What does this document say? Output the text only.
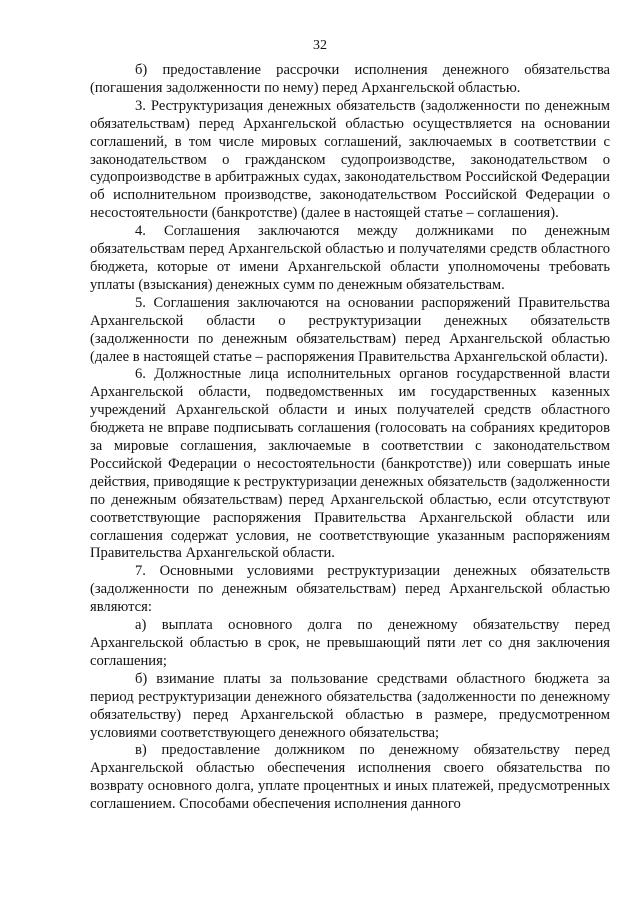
32

б) предоставление рассрочки исполнения денежного обязательства (погашения задолженности по нему) перед Архангельской областью.

3. Реструктуризация денежных обязательств (задолженности по денежным обязательствам) перед Архангельской областью осуществляется на основании соглашений, в том числе мировых соглашений, заключаемых в соответствии с законодательством о гражданском судопроизводстве, законодательством о судопроизводстве в арбитражных судах, законодательством Российской Федерации об исполнительном производстве, законодательством Российской Федерации о несостоятельности (банкротстве) (далее в настоящей статье – соглашения).

4. Соглашения заключаются между должниками по денежным обязательствам перед Архангельской областью и получателями средств областного бюджета, которые от имени Архангельской области уполномочены требовать уплаты (взыскания) денежных сумм по денежным обязательствам.

5. Соглашения заключаются на основании распоряжений Правительства Архангельской области о реструктуризации денежных обязательств (задолженности по денежным обязательствам) перед Архангельской областью (далее в настоящей статье – распоряжения Правительства Архангельской области).

6. Должностные лица исполнительных органов государственной власти Архангельской области, подведомственных им государственных казенных учреждений Архангельской области и иных получателей средств областного бюджета не вправе подписывать соглашения (голосовать на собраниях кредиторов за мировые соглашения, заключаемые в соответствии с законодательством Российской Федерации о несостоятельности (банкротстве)) или совершать иные действия, приводящие к реструктуризации денежных обязательств (задолженности по денежным обязательствам) перед Архангельской областью, если отсутствуют соответствующие распоряжения Правительства Архангельской области или соглашения содержат условия, не соответствующие указанным распоряжениям Правительства Архангельской области.

7. Основными условиями реструктуризации денежных обязательств (задолженности по денежным обязательствам) перед Архангельской областью являются:

а) выплата основного долга по денежному обязательству перед Архангельской областью в срок, не превышающий пяти лет со дня заключения соглашения;

б) взимание платы за пользование средствами областного бюджета за период реструктуризации денежного обязательства (задолженности по денежному обязательству) перед Архангельской областью в размере, предусмотренном условиями соответствующего денежного обязательства;

в) предоставление должником по денежному обязательству перед Архангельской областью обеспечения исполнения своего обязательства по возврату основного долга, уплате процентных и иных платежей, предусмотренных соглашением. Способами обеспечения исполнения данного
